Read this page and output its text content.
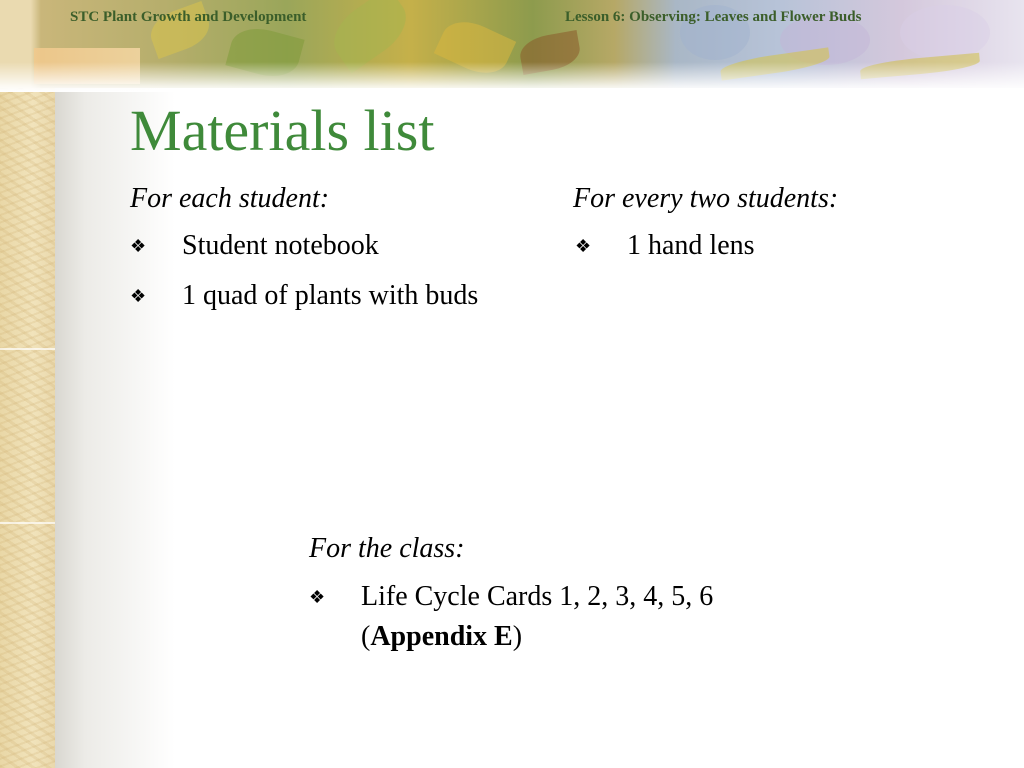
STC Plant Growth and Development	Lesson 6: Observing: Leaves and Flower Buds
Materials list
For each student:
❖ Student notebook
❖ 1 quad of plants with buds
For every two students:
❖ 1 hand lens
For the class:
❖ Life Cycle Cards 1, 2, 3, 4, 5, 6 (Appendix E)
